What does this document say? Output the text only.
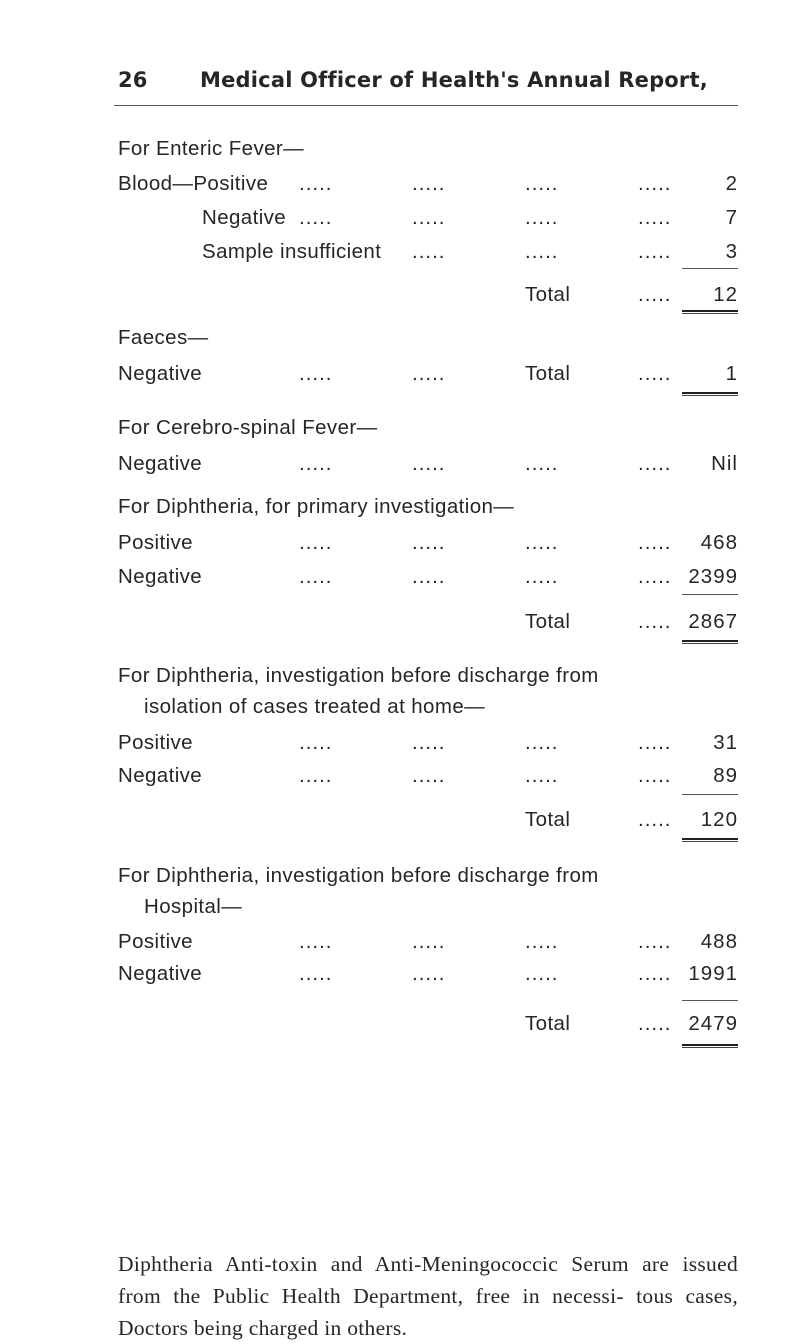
26 Medical Officer of Health's Annual Report,
For Enteric Fever—
Blood—Positive .....	.....	.....	.....	2
Negative .....	.....	.....	.....	7
Sample insufficient .....	.....	.....	3
Total	.....	12
Faeces—
Negative	.....	.....	Total	.....	1
For Cerebro-spinal Fever—
Negative	.....	.....	.....	.....	Nil
For Diphtheria, for primary investigation—
Positive	.....	.....	.....	.....	468
Negative	.....	.....	.....	..... 2399
Total	..... 2867
For Diphtheria, investigation before discharge from
isolation of cases treated at home—
Positive	.....	.....	.....	.....	31
Negative	.....	.....	.....	.....	89
Total	.....	120
For Diphtheria, investigation before discharge from
Hospital—
Positive	.....	.....	.....	.....	488
Negative	.....	.....	.....	..... 1991
Total	..... 2479
Diphtheria Anti-toxin and Anti-Meningococcic Serum are issued from the Public Health Department, free in necessi- tous cases, Doctors being charged in others.
